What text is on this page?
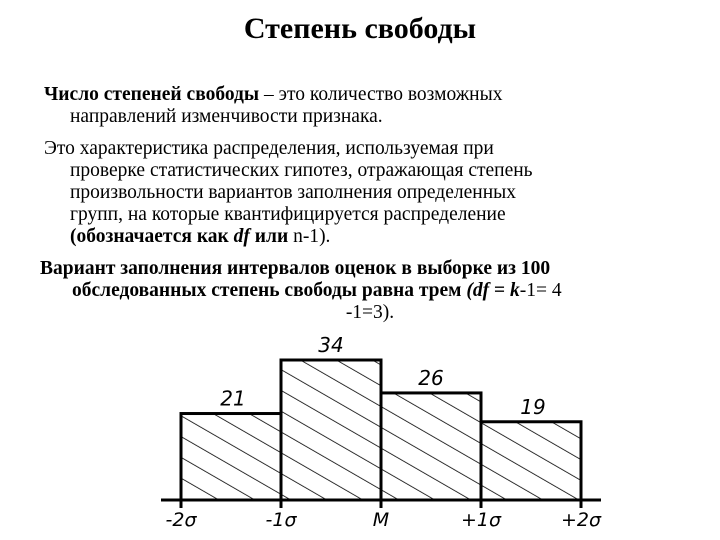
Степень свободы
Число степеней свободы – это количество возможных
направлений изменчивости признака.
Это характеристика распределения, используемая при
проверке статистических гипотез, отражающая степень
произвольности вариантов заполнения определенных
групп, на которые квантифицируется распределение
(обозначается как df или n-1).
Вариант заполнения интервалов оценок в выборке из 100
обследованных степень свободы равна трем (df = k-1= 4
-1=3).
21
34
26
19
-2σ	-1σ	M	+1σ	+2σ
